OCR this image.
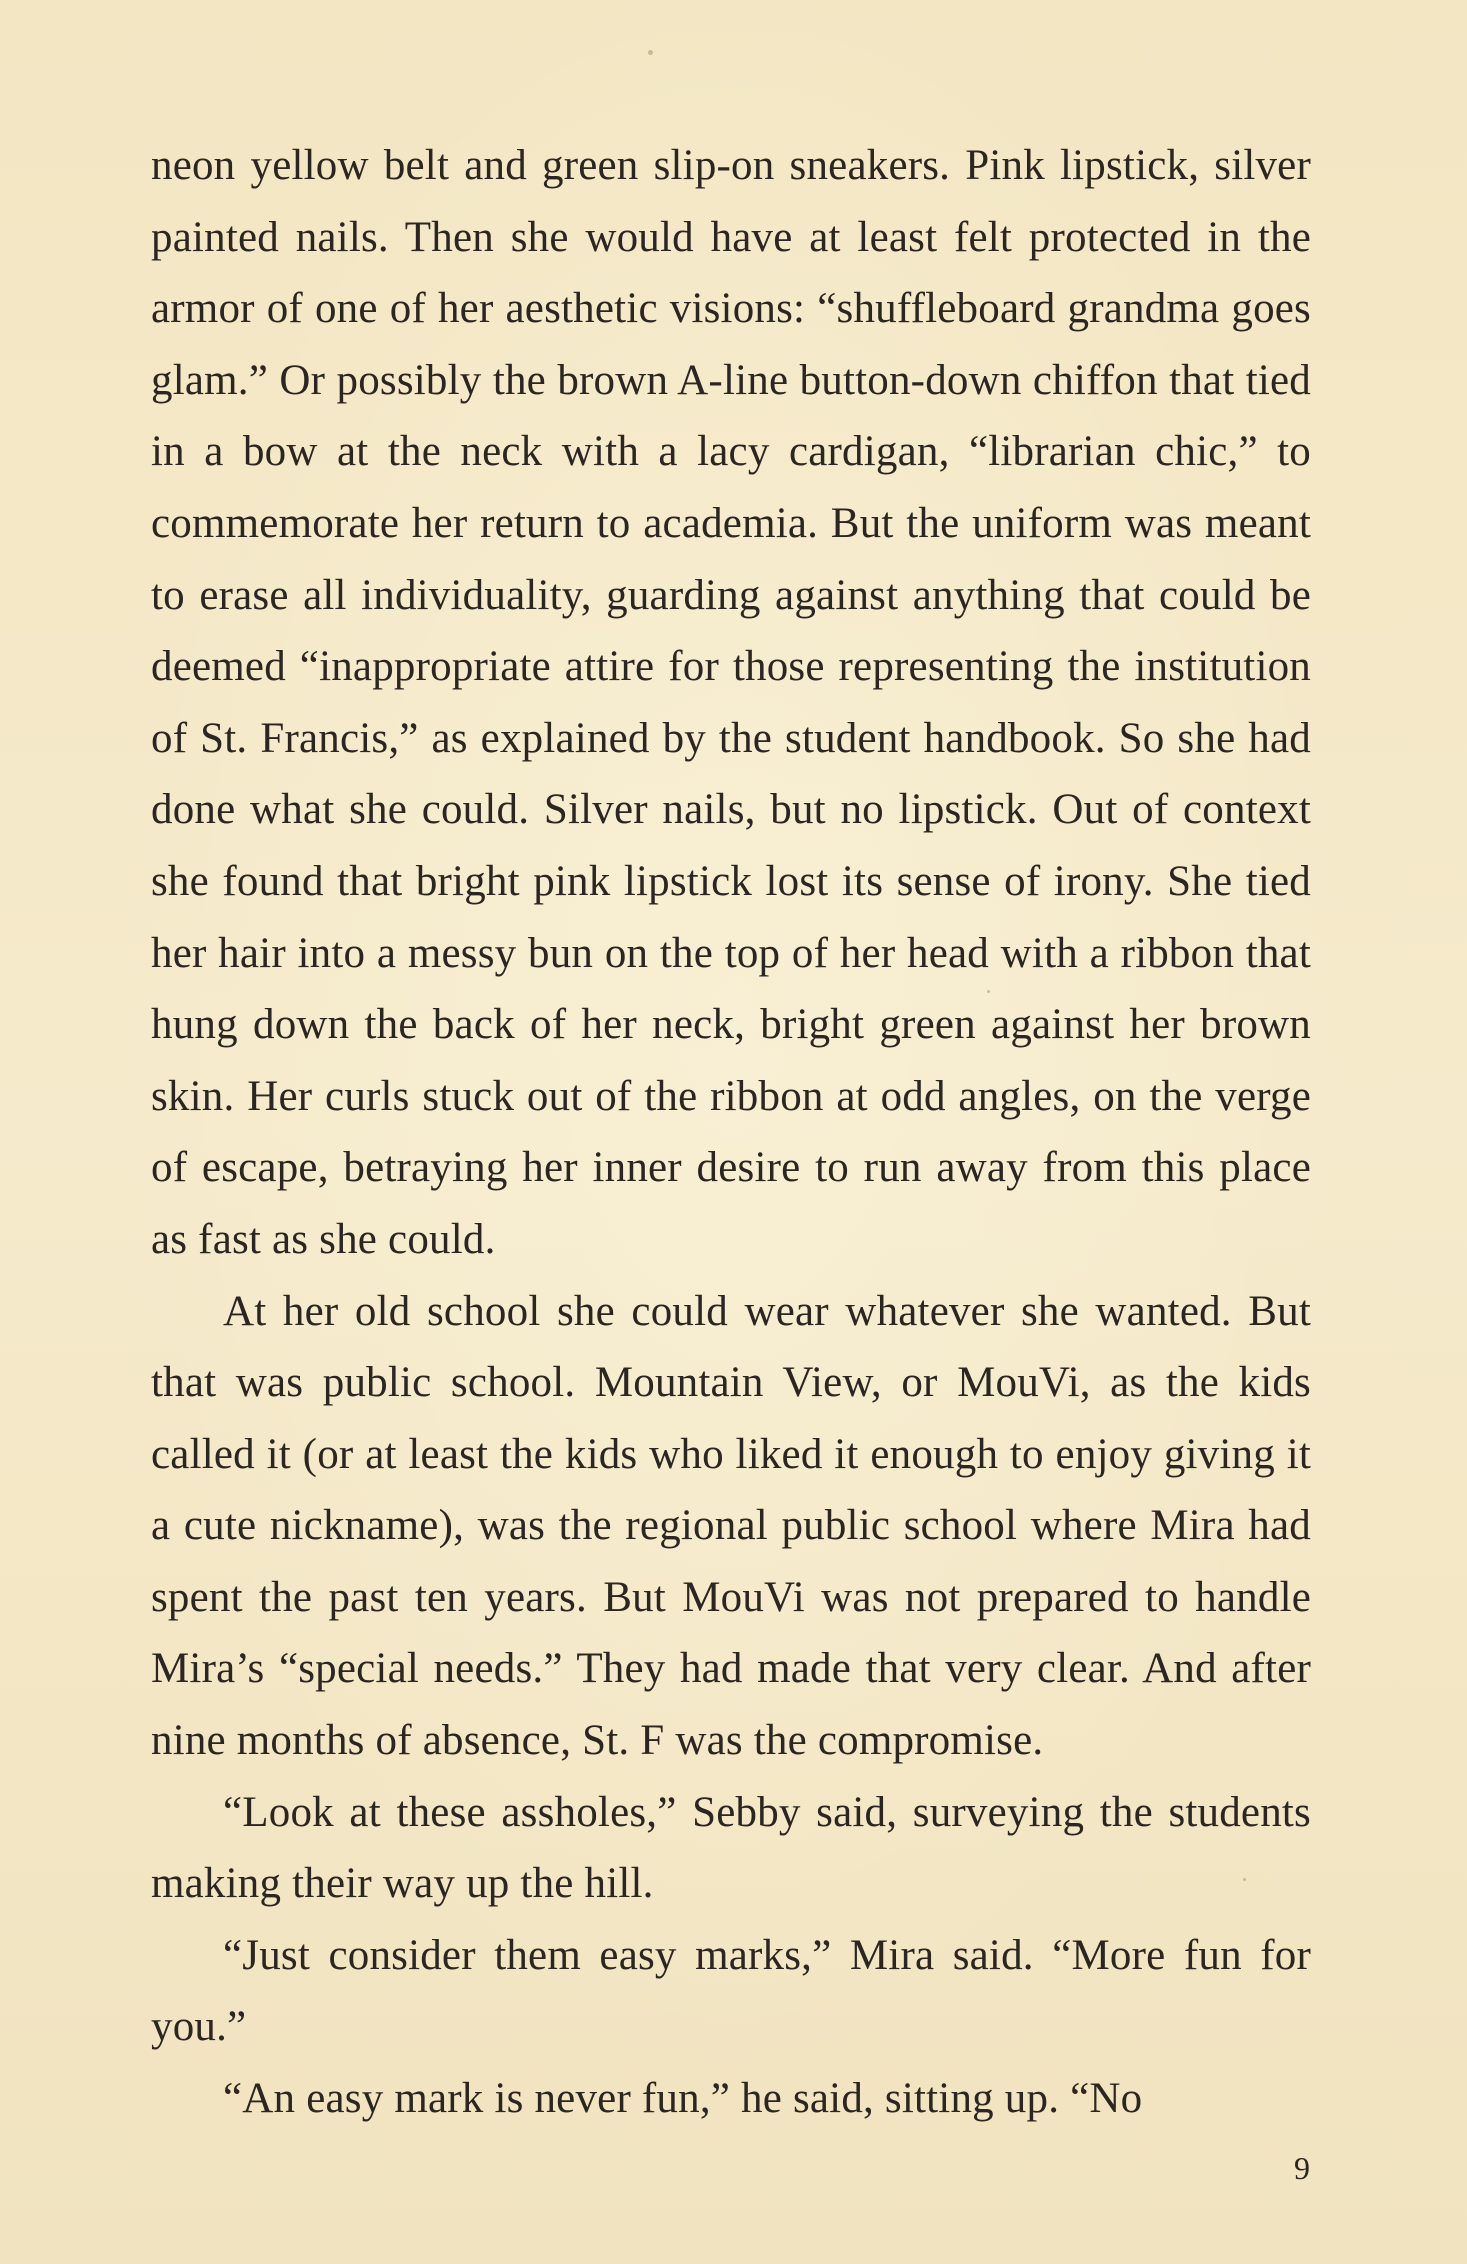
neon yellow belt and green slip-on sneakers. Pink lipstick, silver painted nails. Then she would have at least felt protected in the armor of one of her aesthetic visions: “shuffleboard grandma goes glam.” Or possibly the brown A-line button-down chiffon that tied in a bow at the neck with a lacy cardigan, “librarian chic,” to commemorate her return to academia. But the uniform was meant to erase all individuality, guarding against anything that could be deemed “inappropriate attire for those representing the institution of St. Francis,” as explained by the student handbook. So she had done what she could. Silver nails, but no lipstick. Out of context she found that bright pink lipstick lost its sense of irony. She tied her hair into a messy bun on the top of her head with a ribbon that hung down the back of her neck, bright green against her brown skin. Her curls stuck out of the ribbon at odd angles, on the verge of escape, betraying her inner desire to run away from this place as fast as she could.

At her old school she could wear whatever she wanted. But that was public school. Mountain View, or MouVi, as the kids called it (or at least the kids who liked it enough to enjoy giving it a cute nickname), was the regional public school where Mira had spent the past ten years. But MouVi was not prepared to handle Mira’s “special needs.” They had made that very clear. And after nine months of absence, St. F was the compromise.

“Look at these assholes,” Sebby said, surveying the students making their way up the hill.

“Just consider them easy marks,” Mira said. “More fun for you.”

“An easy mark is never fun,” he said, sitting up. “No

9
